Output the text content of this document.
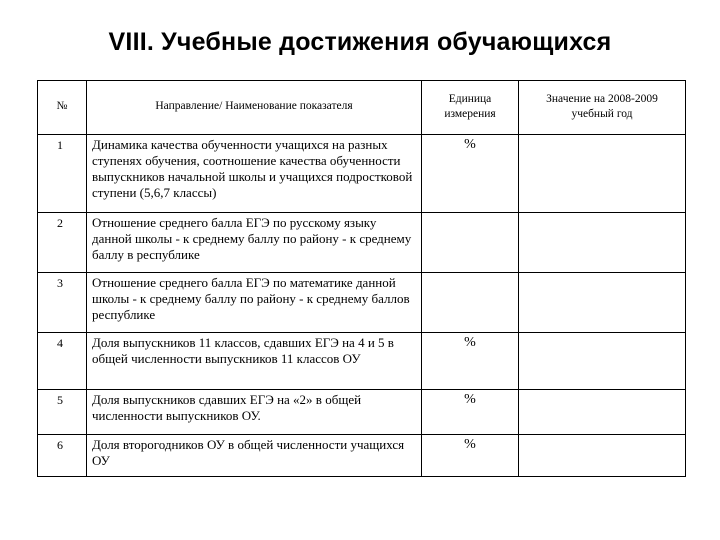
VIII. Учебные достижения обучающихся
№	Направление/ Наименование показателя	Единица измерения	Значение на 2008-2009 учебный год
1	Динамика качества обученности учащихся на разных ступенях обучения, соотношение качества обученности выпускников начальной школы и учащихся подростковой ступени (5,6,7 классы)	%	
2	Отношение среднего балла ЕГЭ по русскому языку данной школы - к среднему баллу по району - к среднему баллу в республике		
3	Отношение среднего балла ЕГЭ по математике данной школы - к среднему баллу по району - к среднему баллов республике		
4	Доля выпускников 11 классов, сдавших ЕГЭ на 4 и 5 в общей численности выпускников 11 классов ОУ	%	
5	Доля выпускников сдавших ЕГЭ на «2» в общей численности выпускников ОУ.	%	
6	Доля второгодников ОУ в общей численности учащихся ОУ	%	
